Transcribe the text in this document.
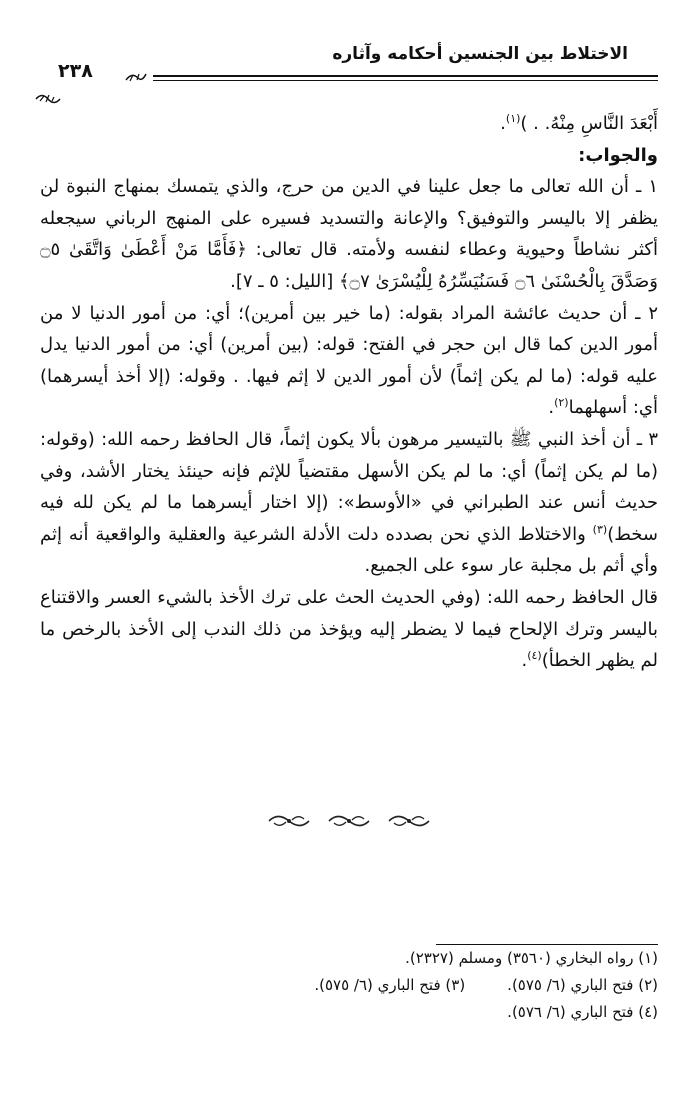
الاختلاط بين الجنسين أحكامه وآثاره
٢٣٨

أَبْعَدَ النَّاسِ مِنْهُ. . )$^{(١)}$.

والجواب:

١ ـ أن الله تعالى ما جعل علينا في الدين من حرج، والذي يتمسك بمنهاج النبوة لن يظفر إلا باليسر والتوفيق؟ والإعانة والتسديد فسيره على المنهج الرباني سيجعله أكثر نشاطاً وحيوية وعطاء لنفسه ولأمته. قال تعالى: ﴿فَأَمَّا مَنْ أَعْطَىٰ وَاتَّقَىٰ ۝٥ وَصَدَّقَ بِالْحُسْنَىٰ ۝٦ فَسَنُيَسِّرُهُ لِلْيُسْرَىٰ ۝٧﴾ [الليل: ٥ ـ ٧].

٢ ـ أن حديث عائشة المراد بقوله: (ما خير بين أمرين)؛ أي: من أمور الدنيا لا من أمور الدين كما قال ابن حجر في الفتح: قوله: (بين أمرين) أي: من أمور الدنيا يدل عليه قوله: (ما لم يكن إثماً) لأن أمور الدين لا إثم فيها. . وقوله: (إلا أخذ أيسرهما) أي: أسهلهما$^{(٢)}$.

٣ ـ أن أخذ النبي ﷺ بالتيسير مرهون بألا يكون إثماً، قال الحافظ رحمه الله: (وقوله: (ما لم يكن إثماً) أي: ما لم يكن الأسهل مقتضياً للإثم فإنه حينئذ يختار الأشد، وفي حديث أنس عند الطبراني في «الأوسط»: (إلا اختار أيسرهما ما لم يكن لله فيه سخط)$^{(٣)}$ والاختلاط الذي نحن بصدده دلت الأدلة الشرعية والعقلية والواقعية أنه إثم وأي أثم بل مجلبة عار سوء على الجميع.

قال الحافظ رحمه الله: (وفي الحديث الحث على ترك الأخذ بالشيء العسر والاقتناع باليسر وترك الإلحاح فيما لا يضطر إليه ويؤخذ من ذلك الندب إلى الأخذ بالرخص ما لم يظهر الخطأ)$^{(٤)}$.

(١) رواه البخاري (٣٥٦٠) ومسلم (٢٣٢٧).
(٢) فتح الباري (٦/ ٥٧٥).
(٣) فتح الباري (٦/ ٥٧٥).
(٤) فتح الباري (٦/ ٥٧٦).
